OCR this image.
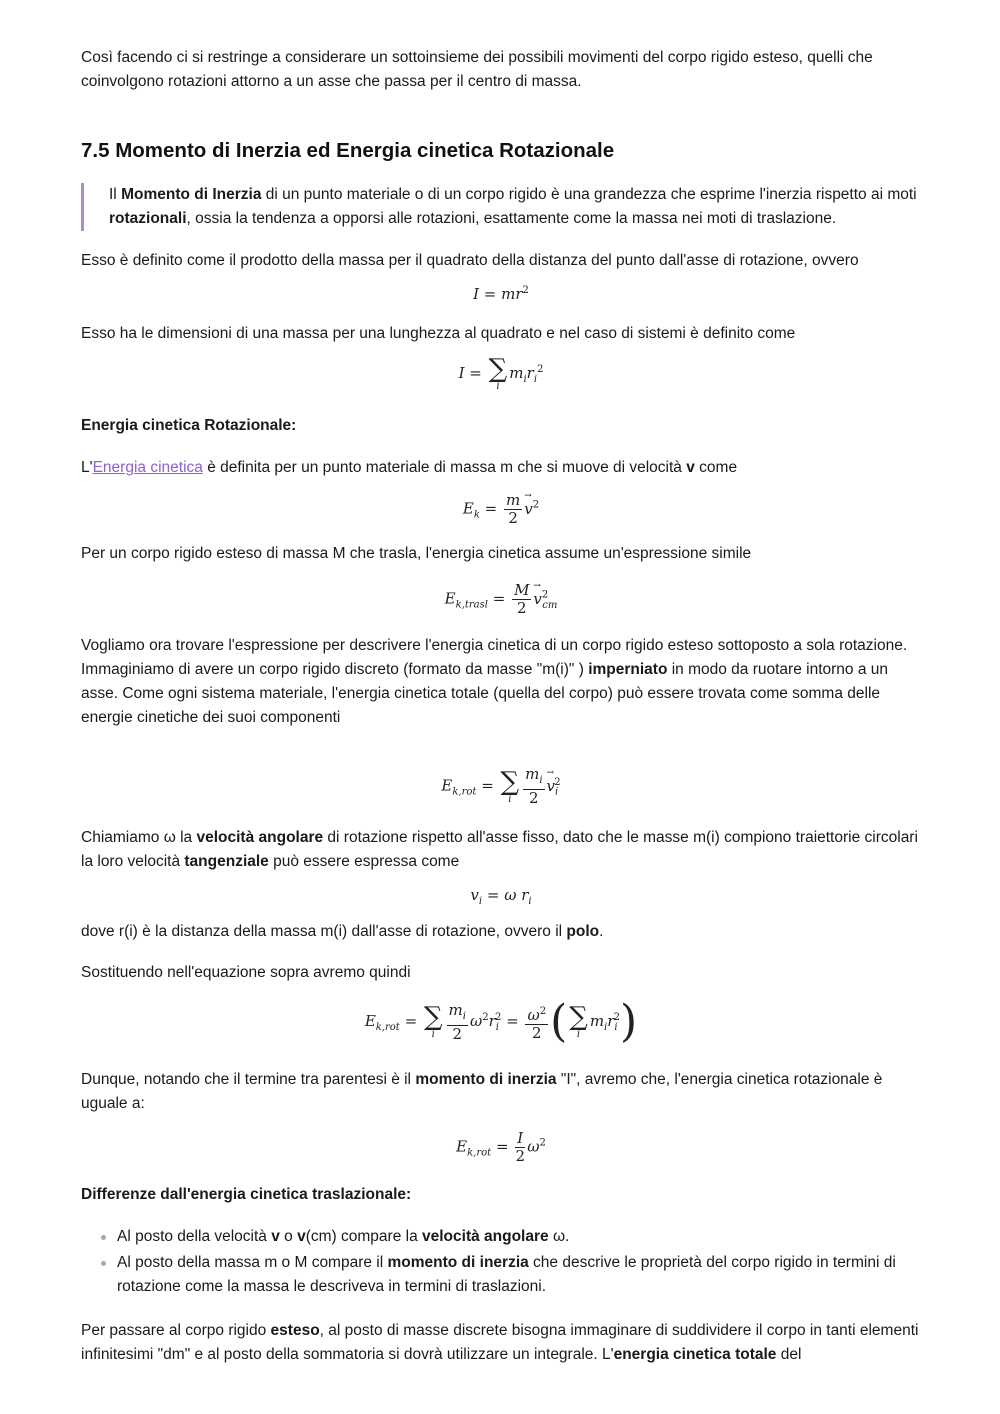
Così facendo ci si restringe a considerare un sottoinsieme dei possibili movimenti del corpo rigido esteso, quelli che coinvolgono rotazioni attorno a un asse che passa per il centro di massa.

7.5 Momento di Inerzia ed Energia cinetica Rotazionale

Il Momento di Inerzia di un punto materiale o di un corpo rigido è una grandezza che esprime l'inerzia rispetto ai moti rotazionali, ossia la tendenza a opporsi alle rotazioni, esattamente come la massa nei moti di traslazione.

Esso è definito come il prodotto della massa per il quadrato della distanza del punto dall'asse di rotazione, ovvero

$I = mr^2$

Esso ha le dimensioni di una massa per una lunghezza al quadrato e nel caso di sistemi è definito come

I = ∑
i
$m_ir_i^2$

Energia cinetica Rotazionale:

L'Energia cinetica è definita per un punto materiale di massa m che si muove di velocità v come

$E_k = \frac{m}{2}$
→ $v^2$

Per un corpo rigido esteso di massa M che trasla, l'energia cinetica assume un'espressione simile

$E_{k,trasl} = \frac{M}{2}$
→ $v^2_{cm}$

Vogliamo ora trovare l'espressione per descrivere l'energia cinetica di un corpo rigido esteso sottoposto a sola rotazione.

Immaginiamo di avere un corpo rigido discreto (formato da masse "m(i)" ) imperniato in modo da ruotare intorno a un asse. Come ogni sistema materiale, l'energia cinetica totale (quella del corpo) può essere trovata come somma delle energie cinetiche dei suoi componenti

$E_{k,rot}$ = ∑
i $\frac{m_i}{2}$
→ $v_i^2$

Chiamiamo ω la velocità angolare di rotazione rispetto all'asse fisso, dato che le masse m(i) compiono traiettorie circolari la loro velocità tangenziale può essere espressa come

$v_i = \omega$ $r_i$

dove r(i) è la distanza della massa m(i) dall'asse di rotazione, ovvero il polo.

Sostituendo nell'equazione sopra avremo quindi

$E_{k,rot}$ = ∑
i $\frac{m_i}{2} \omega^2r_i^2 = \frac{\omega^2}{2}$ ( ∑
i
$m_ir_i^2$)

Dunque, notando che il termine tra parentesi è il momento di inerzia "I", avremo che, l'energia cinetica rotazionale è uguale a:

$E_{k,rot} = \frac{I}{2} \omega^2$

Differenze dall'energia cinetica traslazionale:

Al posto della velocità v o v(cm) compare la velocità angolare ω.
Al posto della massa m o M compare il momento di inerzia che descrive le proprietà del corpo rigido in termini di rotazione come la massa le descriveva in termini di traslazioni.

Per passare al corpo rigido esteso, al posto di masse discrete bisogna immaginare di suddividere il corpo in tanti elementi infinitesimi "dm" e al posto della sommatoria si dovrà utilizzare un integrale. L'energia cinetica totale del
